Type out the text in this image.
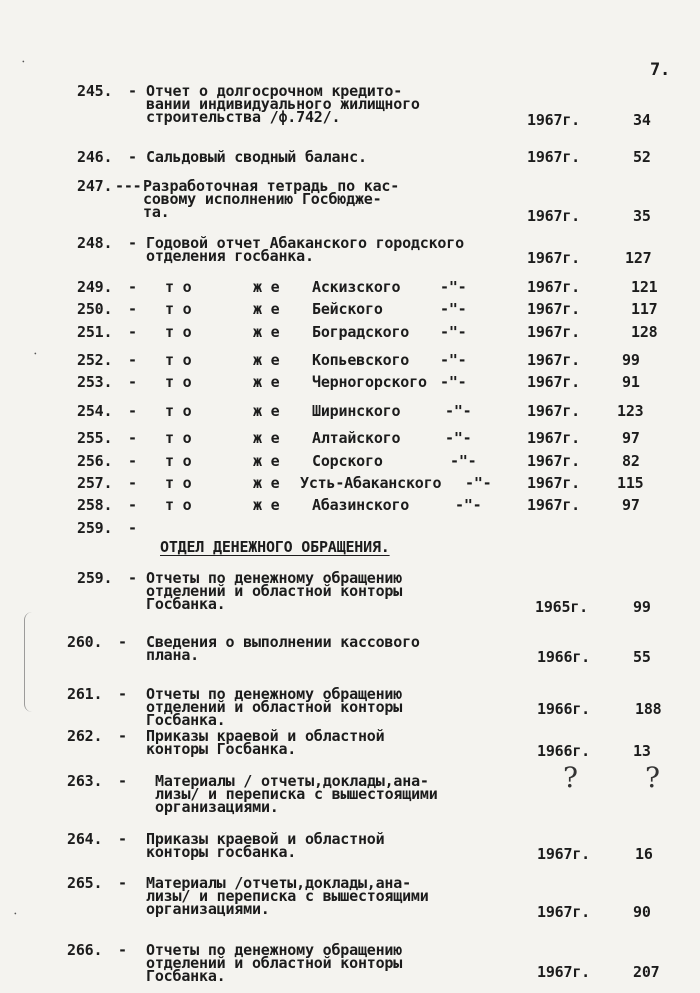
7.
245. - Отчет о долгосрочном кредито-
вании индивидуального жилищного
строительства /ф.742/.	1967г.	34
246. - Сальдовый сводный баланс.	1967г.	52
247. --- Разработочная тетрадь по кас-
совому исполнению Госбюдже-
та.	1967г.	35
248. - Годовой отчет Абаканского городского
отделения госбанка.	1967г.	127
249. - т о	ж е Аскизского	-"-	1967г.	121
250. - т о	ж е Бейского	-"-	1967г.	117
251. - т о	ж е Боградского -"-	1967г.	128
252. - т о	ж е Копьевского -"-	1967г.	99
253. - т о	ж е Черногорского -"-	1967г.	91
254. - т о	ж е Ширинского	-"-	1967г. 123
255. - т о	ж е Алтайского	-"-	1967г.	97
256. - т о	ж е Сорского	-"-	1967г.	82
257. - т о	ж е Усть-Абаканского -"- 1967г. 115
258. - т о	ж е Абазинского	-"-	1967г.	97
259. -
ОТДЕЛ ДЕНЕЖНОГО ОБРАЩЕНИЯ.
259. - Отчеты по денежному обращению
отделений и областной конторы
Госбанка.	1965г.	99
260. - Сведения о выполнении кассового
плана.	1966г.	55
261. - Отчеты по денежному обращению
отделений и областной конторы
Госбанка.
1966г.	188
262. - Приказы краевой и областной
конторы Госбанка.	1966г.	13
263. - Материалы / отчеты,доклады,ана-
лизы/ и переписка с вышестоящими
организациями.
? ?
264. - Приказы краевой и областной
конторы госбанка.	1967г.	16
265. - Материалы /отчеты,доклады,ана-
лизы/ и переписка с вышестоящими
организациями.	1967г.	90
266. - Отчеты по денежному обращению
отделений и областной конторы
Госбанка.	1967г.	207
⸱
⸱
⸱
